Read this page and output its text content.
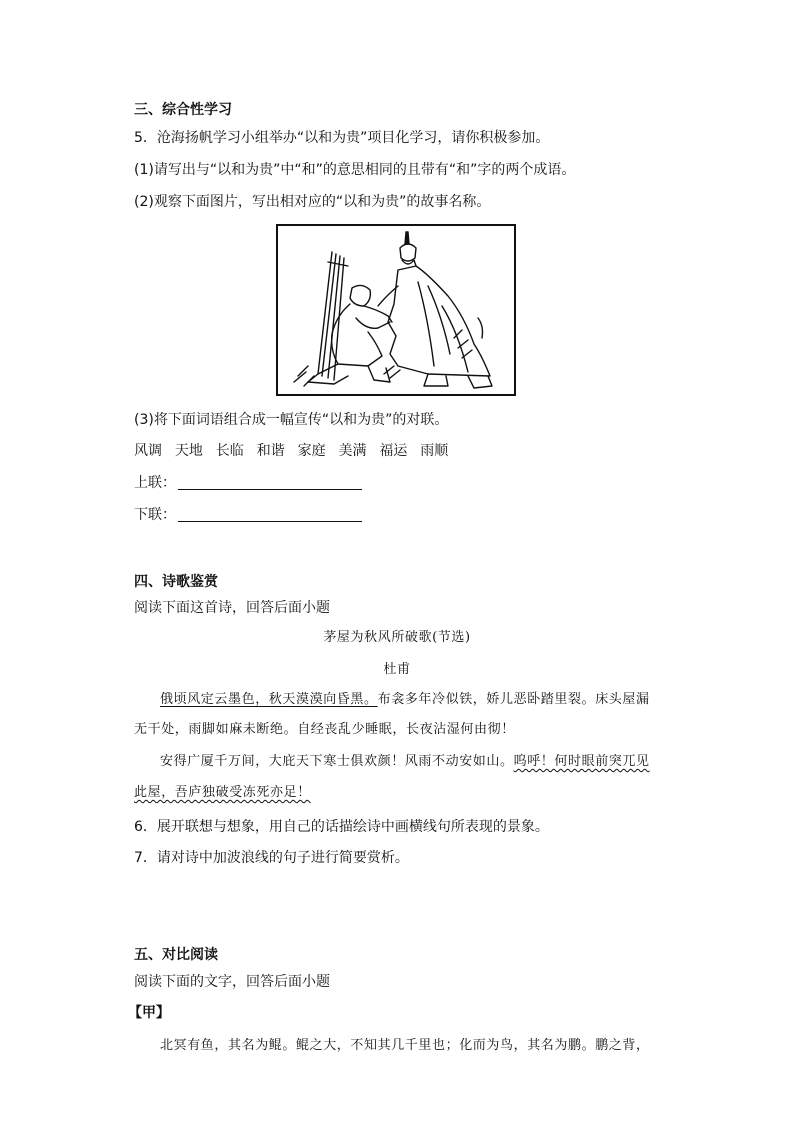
三、综合性学习
5．沧海扬帆学习小组举办“以和为贵”项目化学习，请你积极参加。
(1)请写出与“以和为贵”中“和”的意思相同的且带有“和”字的两个成语。
(2)观察下面图片，写出相对应的“以和为贵”的故事名称。
(3)将下面词语组合成一幅宣传“以和为贵”的对联。
风调  天地  长临  和谐  家庭  美满  福运  雨顺
上联：
下联：
四、诗歌鉴赏
阅读下面这首诗，回答后面小题
茅屋为秋风所破歌(节选)
杜甫
俄顷风定云墨色，秋天漠漠向昏黑。布衾多年冷似铁，娇儿恶卧踏里裂。床头屋漏
无干处，雨脚如麻未断绝。自经丧乱少睡眠，长夜沾湿何由彻！
安得广厦千万间，大庇天下寒士俱欢颜！风雨不动安如山。呜呼！何时眼前突兀见
此屋，吾庐独破受冻死亦足！
6．展开联想与想象，用自己的话描绘诗中画横线句所表现的景象。
7．请对诗中加波浪线的句子进行简要赏析。
五、对比阅读
阅读下面的文字，回答后面小题
【甲】
北冥有鱼，其名为鲲。鲲之大，不知其几千里也；化而为鸟，其名为鹏。鹏之背，
